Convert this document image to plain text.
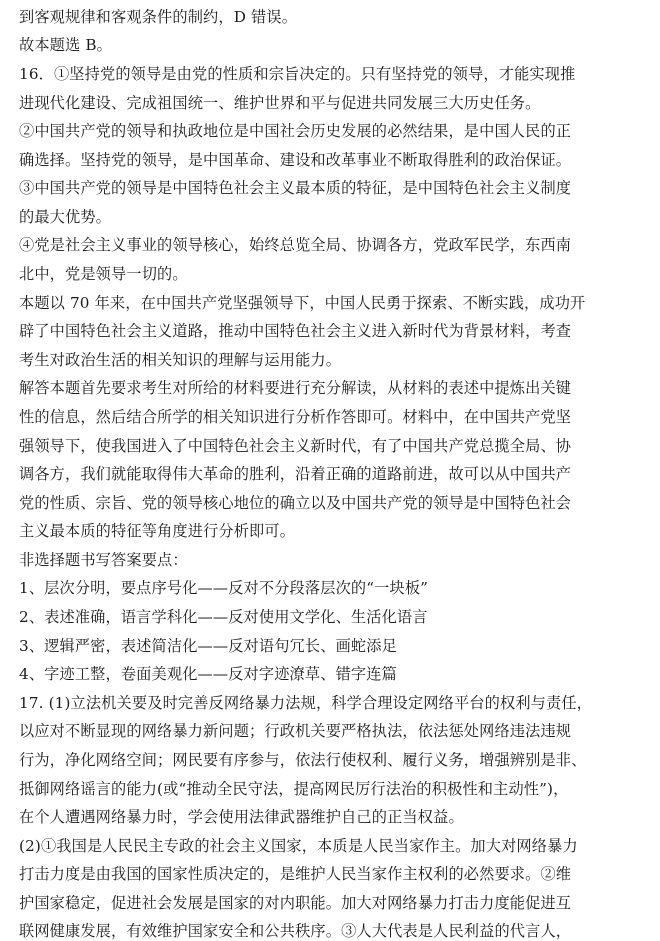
到客观规律和客观条件的制约，D 错误。
故本题选 B。
16．①坚持党的领导是由党的性质和宗旨决定的。只有坚持党的领导，才能实现推
进现代化建设、完成祖国统一、维护世界和平与促进共同发展三大历史任务。
②中国共产党的领导和执政地位是中国社会历史发展的必然结果，是中国人民的正
确选择。坚持党的领导，是中国革命、建设和改革事业不断取得胜利的政治保证。
③中国共产党的领导是中国特色社会主义最本质的特征，是中国特色社会主义制度
的最大优势。
④党是社会主义事业的领导核心，始终总览全局、协调各方，党政军民学，东西南
北中，党是领导一切的。
本题以 70 年来，在中国共产党坚强领导下，中国人民勇于探索、不断实践，成功开
辟了中国特色社会主义道路，推动中国特色社会主义进入新时代为背景材料，考查
考生对政治生活的相关知识的理解与运用能力。
解答本题首先要求考生对所给的材料要进行充分解读，从材料的表述中提炼出关键
性的信息，然后结合所学的相关知识进行分析作答即可。材料中，在中国共产党坚
强领导下，使我国进入了中国特色社会主义新时代，有了中国共产党总揽全局、协
调各方，我们就能取得伟大革命的胜利，沿着正确的道路前进，故可以从中国共产
党的性质、宗旨、党的领导核心地位的确立以及中国共产党的领导是中国特色社会
主义最本质的特征等角度进行分析即可。
非选择题书写答案要点：
1、层次分明，要点序号化——反对不分段落层次的“一块板”
2、表述准确，语言学科化——反对使用文学化、生活化语言
3、逻辑严密，表述简洁化——反对语句冗长、画蛇添足
4、字迹工整，卷面美观化——反对字迹潦草、错字连篇
17. (1)立法机关要及时完善反网络暴力法规，科学合理设定网络平台的权利与责任，
以应对不断显现的网络暴力新问题；行政机关要严格执法，依法惩处网络违法违规
行为，净化网络空间；网民要有序参与，依法行使权利、履行义务，增强辨别是非、
抵御网络谣言的能力(或“推动全民守法，提高网民厉行法治的积极性和主动性”)，
在个人遭遇网络暴力时，学会使用法律武器维护自己的正当权益。
(2)①我国是人民民主专政的社会主义国家，本质是人民当家作主。加大对网络暴力
打击力度是由我国的国家性质决定的，是维护人民当家作主权利的必然要求。②维
护国家稳定，促进社会发展是国家的对内职能。加大对网络暴力打击力度能促进互
联网健康发展，有效维护国家安全和公共秩序。③人大代表是人民利益的代言人，
